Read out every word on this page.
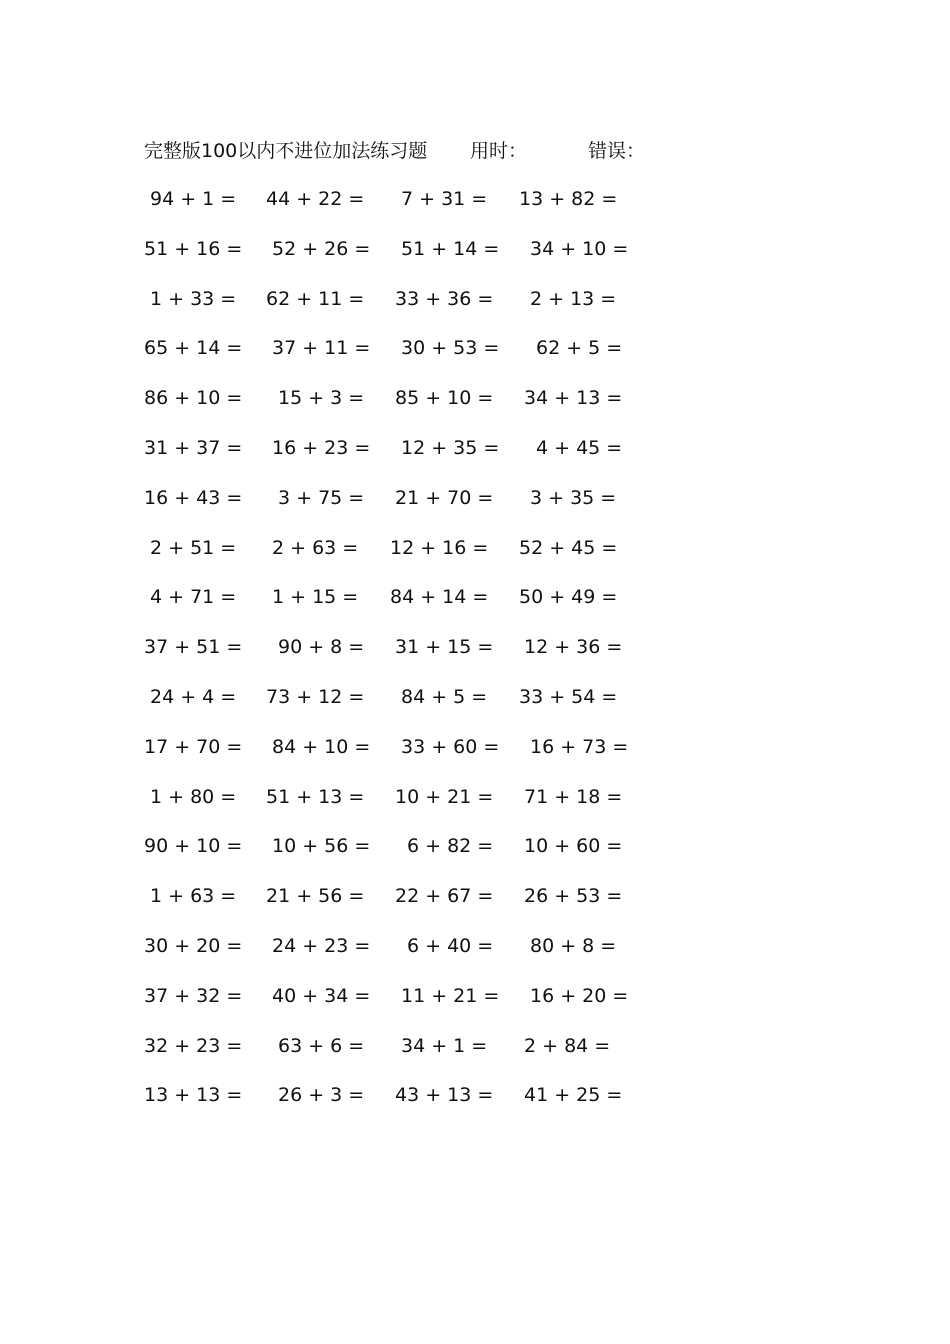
完整版100以内不进位加法练习题 用时：	错误：
94 + 1 = 44 + 22 = 7 + 31 = 13 + 82 =
51 + 16 = 52 + 26 = 51 + 14 = 34 + 10 =
1 + 33 = 62 + 11 = 33 + 36 = 2 + 13 =
65 + 14 = 37 + 11 = 30 + 53 = 62 + 5 =
86 + 10 = 15 + 3 = 85 + 10 = 34 + 13 =
31 + 37 = 16 + 23 = 12 + 35 = 4 + 45 =
16 + 43 = 3 + 75 = 21 + 70 = 3 + 35 =
2 + 51 = 2 + 63 = 12 + 16 = 52 + 45 =
4 + 71 = 1 + 15 = 84 + 14 = 50 + 49 =
37 + 51 = 90 + 8 = 31 + 15 = 12 + 36 =
24 + 4 = 73 + 12 = 84 + 5 = 33 + 54 =
17 + 70 = 84 + 10 = 33 + 60 = 16 + 73 =
1 + 80 = 51 + 13 = 10 + 21 = 71 + 18 =
90 + 10 = 10 + 56 = 6 + 82 = 10 + 60 =
1 + 63 = 21 + 56 = 22 + 67 = 26 + 53 =
30 + 20 = 24 + 23 = 6 + 40 = 80 + 8 =
37 + 32 = 40 + 34 = 11 + 21 = 16 + 20 =
32 + 23 = 63 + 6 = 34 + 1 = 2 + 84 =
13 + 13 = 26 + 3 = 43 + 13 = 41 + 25 =
